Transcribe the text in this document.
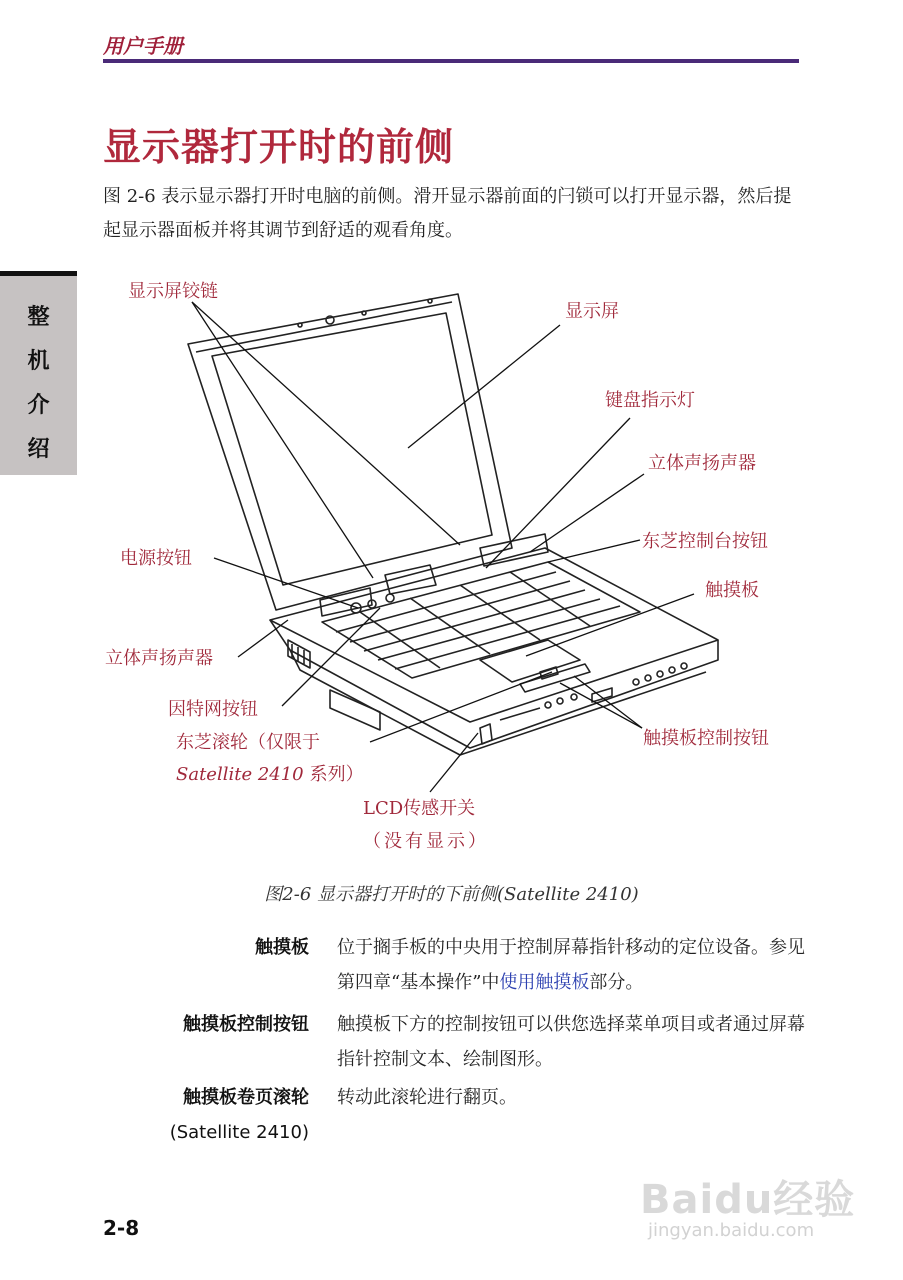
用户手册
显示器打开时的前侧
图 2-6 表示显示器打开时电脑的前侧。滑开显示器前面的闩锁可以打开显示器，然后提起显示器面板并将其调节到舒适的观看角度。
整
机
介
绍
显示屏铰链
显示屏
键盘指示灯
立体声扬声器
东芝控制台按钮
触摸板
电源按钮
立体声扬声器
因特网按钮
东芝滚轮（仅限于
Satellite 2410 系列）
触摸板控制按钮
LCD传感开关
（没有显示）
图2-6 显示器打开时的下前侧(Satellite 2410)
触摸板 位于搁手板的中央用于控制屏幕指针移动的定位设备。参见第四章“基本操作”中使用触摸板部分。
触摸板控制按钮 触摸板下方的控制按钮可以供您选择菜单项目或者通过屏幕指针控制文本、绘制图形。
触摸板卷页滚轮
(Satellite 2410)
转动此滚轮进行翻页。
2-8
Baidu经验
jingyan.baidu.com
